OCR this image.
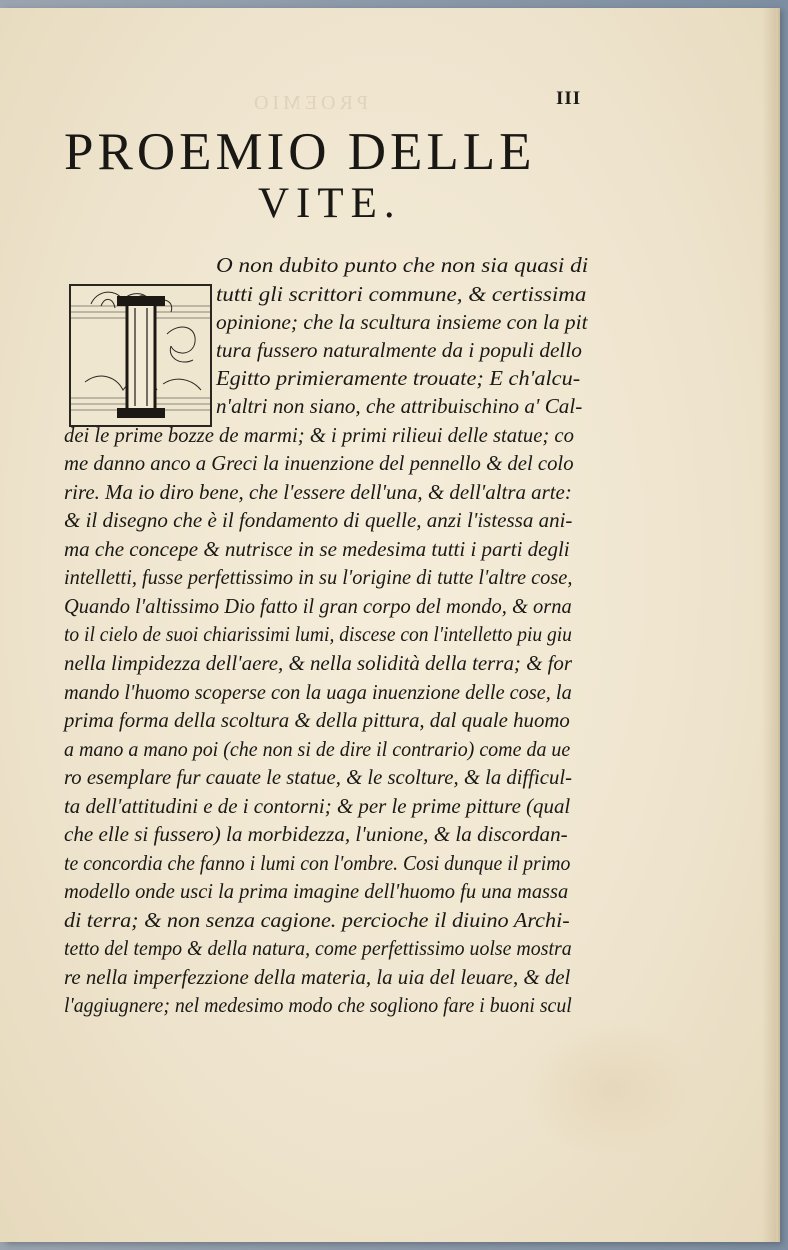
PROEMIO	III
PROEMIO DELLE
VITE.
O non dubito punto che non sia quasi di
tutti gli scrittori commune, & certissima
opinione; che la scultura insieme con la pit
tura fussero naturalmente da i populi dello
Egitto primieramente trouate; E ch'alcu-
n'altri non siano, che attribuischino a' Cal-
dei le prime bozze de marmi; & i primi rilieui delle statue; co
me danno anco a Greci la inuenzione del pennello & del colo
rire. Ma io diro bene, che l'essere dell'una, & dell'altra arte:
& il disegno che è il fondamento di quelle, anzi l'istessa ani-
ma che concepe & nutrisce in se medesima tutti i parti degli
intelletti, fusse perfettissimo in su l'origine di tutte l'altre cose,
Quando l'altissimo Dio fatto il gran corpo del mondo, & orna
to il cielo de suoi chiarissimi lumi, discese con l'intelletto piu giu
nella limpidezza dell'aere, & nella solidità della terra; & for
mando l'huomo scoperse con la uaga inuenzione delle cose, la
prima forma della scoltura & della pittura, dal quale huomo
a mano a mano poi (che non si de dire il contrario) come da ue
ro esemplare fur cauate le statue, & le scolture, & la difficul-
ta dell'attitudini e de i contorni; & per le prime pitture (qual
che elle si fussero) la morbidezza, l'unione, & la discordan-
te concordia che fanno i lumi con l'ombre. Cosi dunque il primo
modello onde usci la prima imagine dell'huomo fu una massa
di terra; & non senza cagione. percioche il diuino Archi-
tetto del tempo & della natura, come perfettissimo uolse mostra
re nella imperfezzione della materia, la uia del leuare, & del
l'aggiugnere; nel medesimo modo che sogliono fare i buoni scul
